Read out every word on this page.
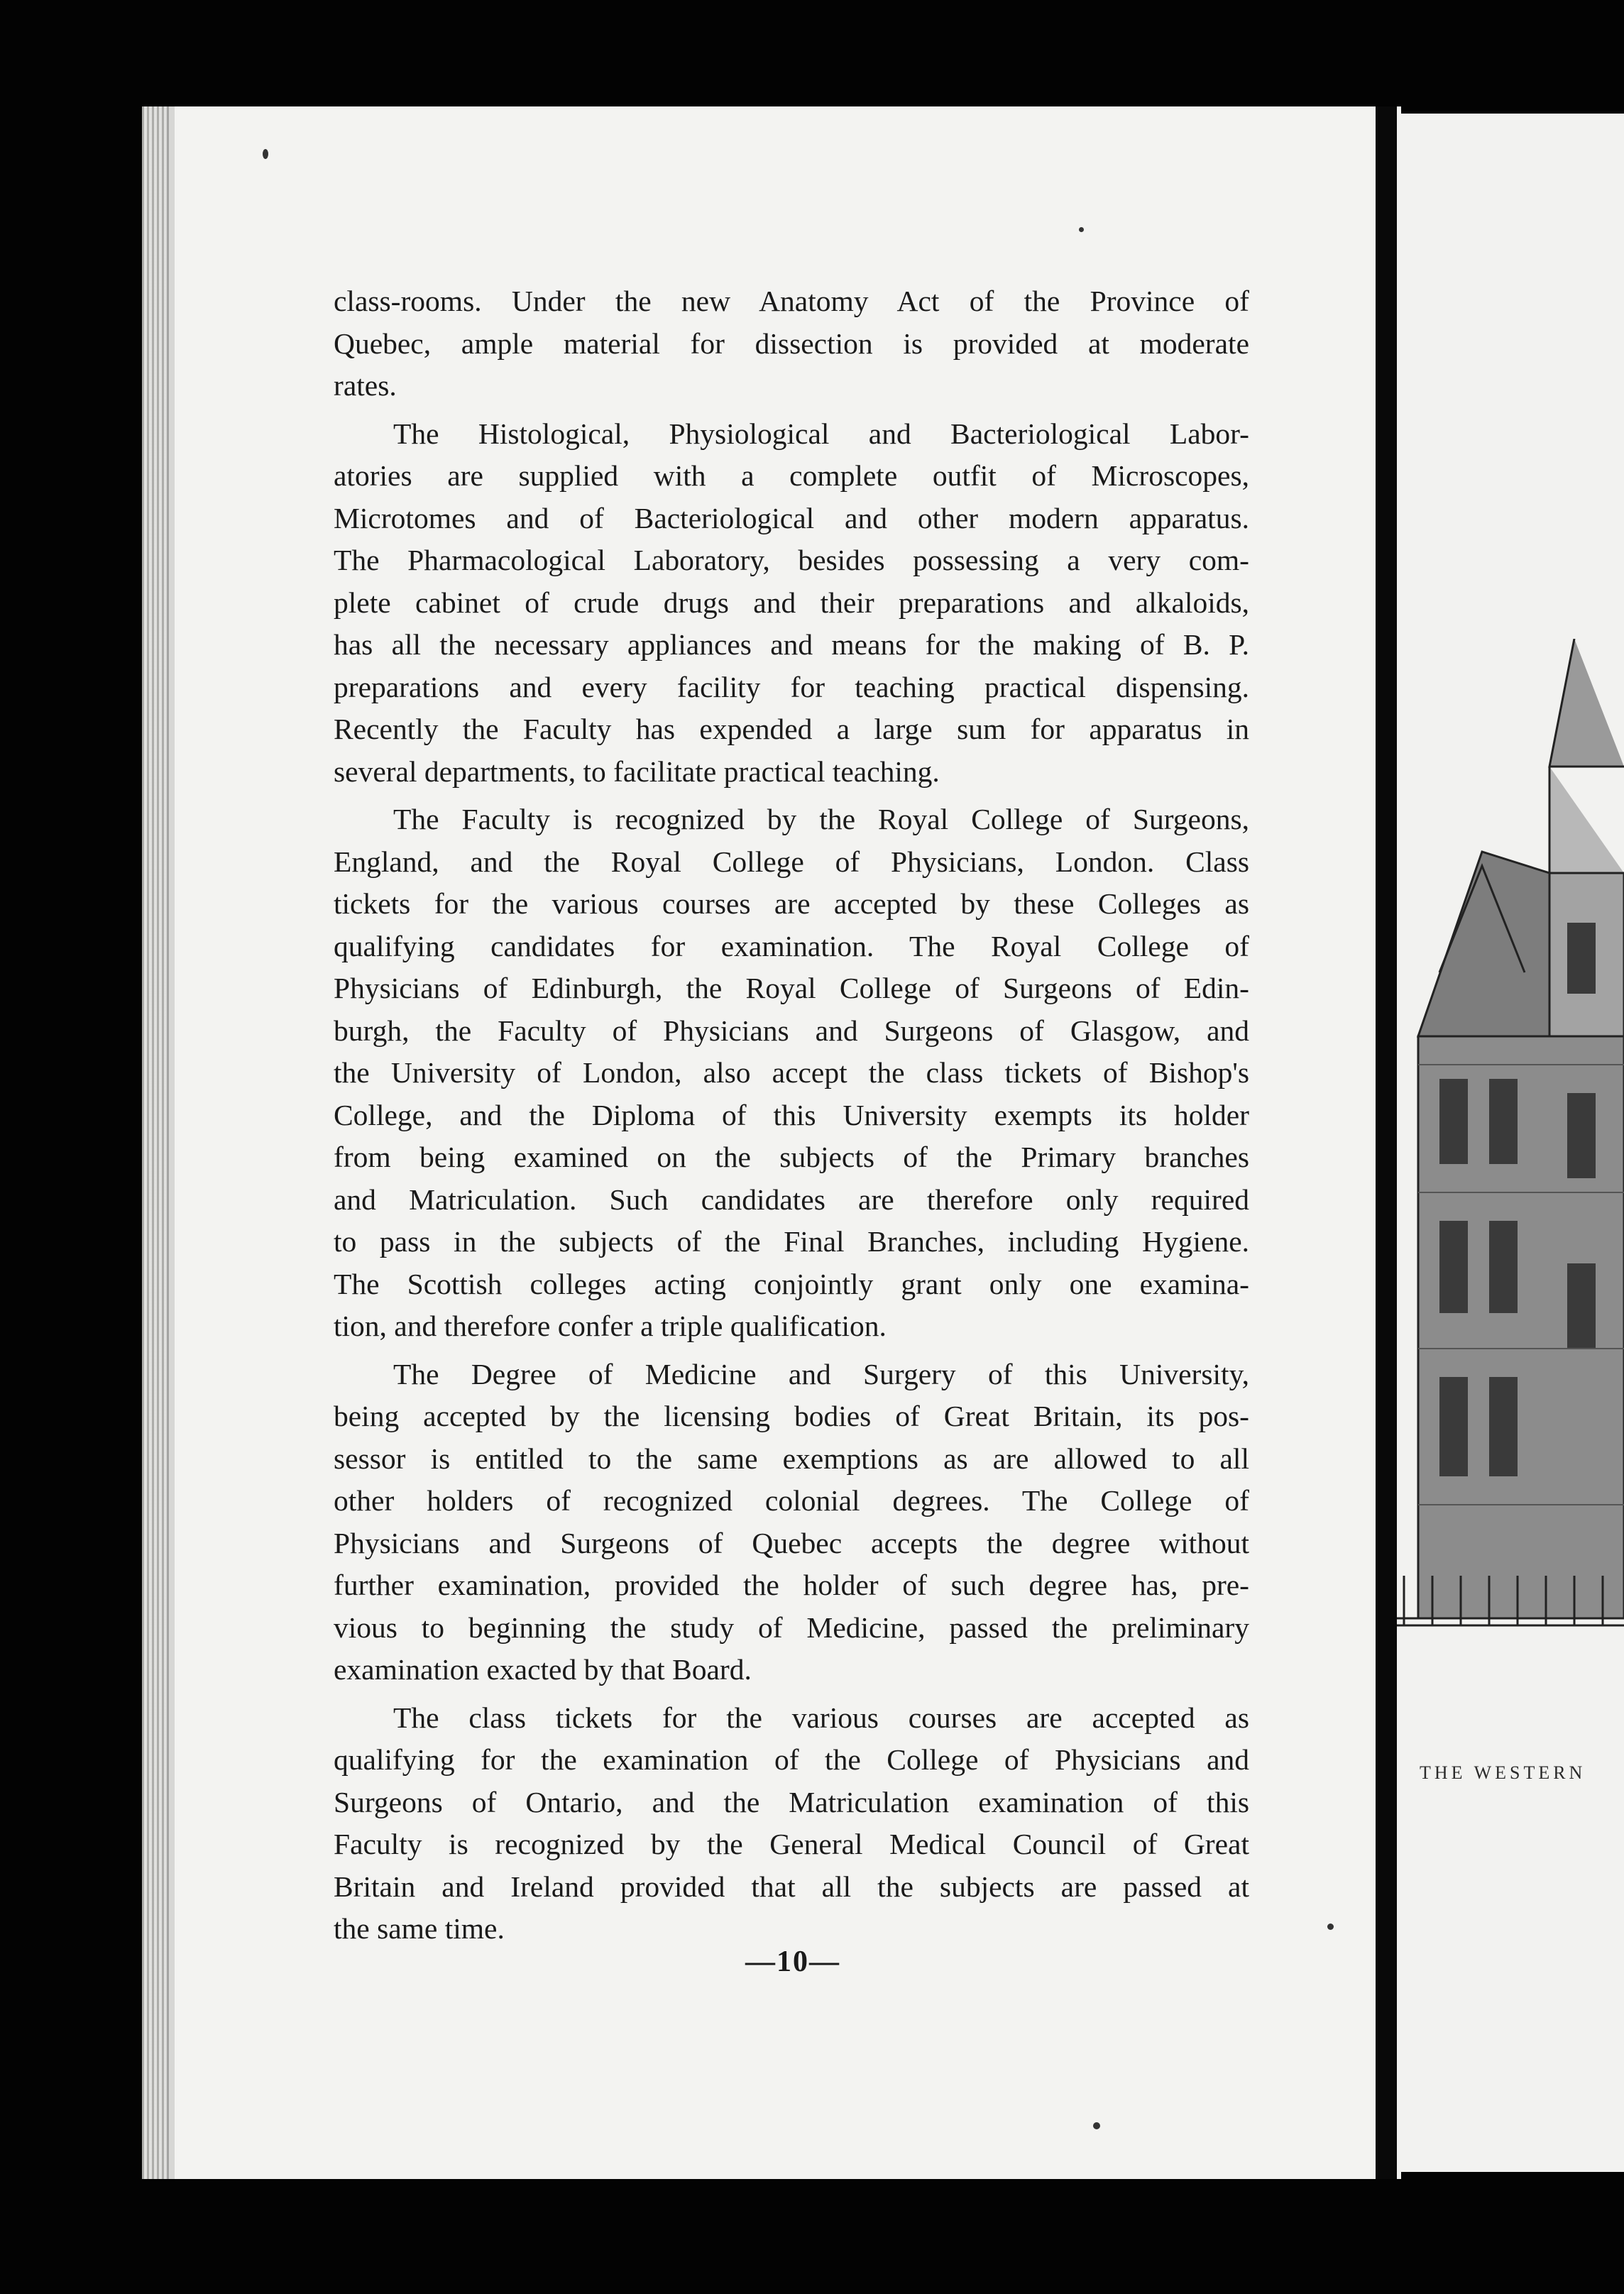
class-rooms. Under the new Anatomy Act of the Province of
Quebec, ample material for dissection is provided at moderate
rates.
The Histological, Physiological and Bacteriological Labor-
atories are supplied with a complete outfit of Microscopes,
Microtomes and of Bacteriological and other modern apparatus.
The Pharmacological Laboratory, besides possessing a very com-
plete cabinet of crude drugs and their preparations and alkaloids,
has all the necessary appliances and means for the making of B. P.
preparations and every facility for teaching practical dispensing.
Recently the Faculty has expended a large sum for apparatus in
several departments, to facilitate practical teaching.
The Faculty is recognized by the Royal College of Surgeons,
England, and the Royal College of Physicians, London. Class
tickets for the various courses are accepted by these Colleges as
qualifying candidates for examination. The Royal College of
Physicians of Edinburgh, the Royal College of Surgeons of Edin-
burgh, the Faculty of Physicians and Surgeons of Glasgow, and
the University of London, also accept the class tickets of Bishop's
College, and the Diploma of this University exempts its holder
from being examined on the subjects of the Primary branches
and Matriculation. Such candidates are therefore only required
to pass in the subjects of the Final Branches, including Hygiene.
The Scottish colleges acting conjointly grant only one examina-
tion, and therefore confer a triple qualification.
The Degree of Medicine and Surgery of this University,
being accepted by the licensing bodies of Great Britain, its pos-
sessor is entitled to the same exemptions as are allowed to all
other holders of recognized colonial degrees. The College of
Physicians and Surgeons of Quebec accepts the degree without
further examination, provided the holder of such degree has, pre-
vious to beginning the study of Medicine, passed the preliminary
examination exacted by that Board.
The class tickets for the various courses are accepted as
qualifying for the examination of the College of Physicians and
Surgeons of Ontario, and the Matriculation examination of this
Faculty is recognized by the General Medical Council of Great
Britain and Ireland provided that all the subjects are passed at
the same time.
—10—
THE WESTERN
